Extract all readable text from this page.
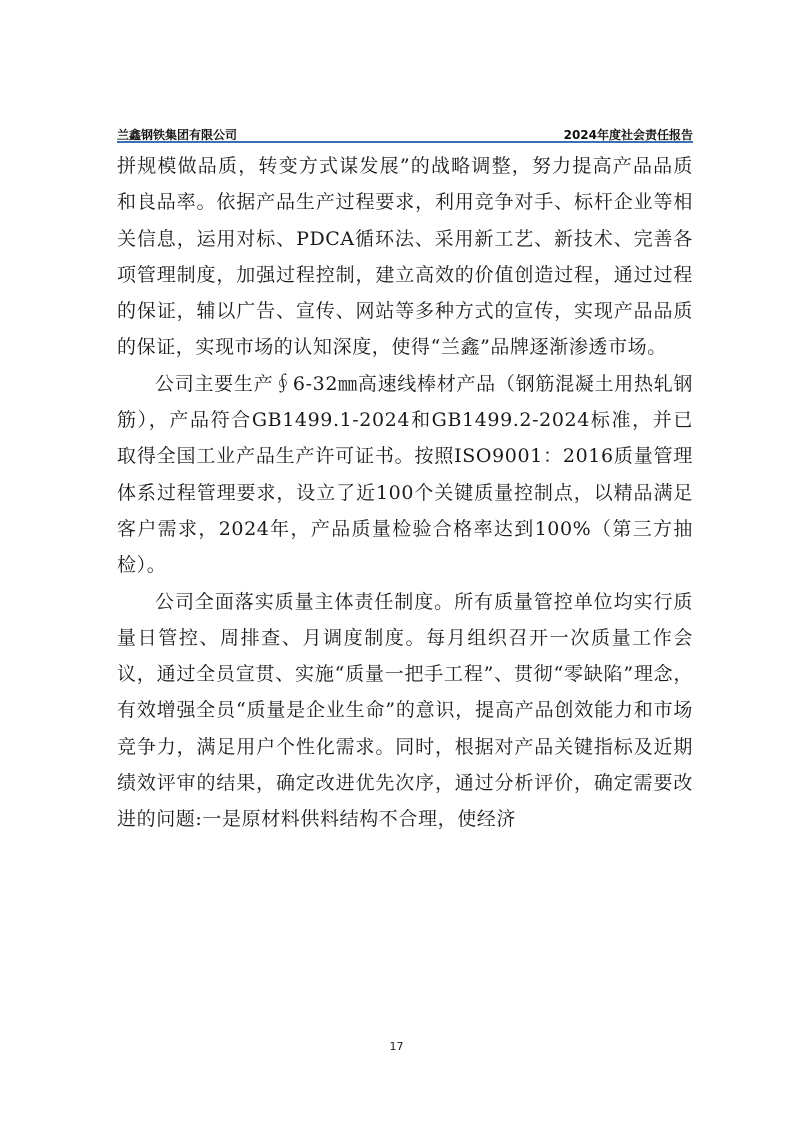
兰鑫钢铁集团有限公司	2024年度社会责任报告

拼规模做品质，转变方式谋发展”的战略调整，努力提高产品品质和良品率。依据产品生产过程要求，利用竞争对手、标杆企业等相关信息，运用对标、PDCA循环法、采用新工艺、新技术、完善各项管理制度，加强过程控制，建立高效的价值创造过程，通过过程的保证，辅以广告、宣传、网站等多种方式的宣传，实现产品品质的保证，实现市场的认知深度，使得“兰鑫”品牌逐渐渗透市场。

公司主要生产∮6-32㎜高速线棒材产品（钢筋混凝土用热轧钢筋），产品符合GB1499.1-2024和GB1499.2-2024标准，并已取得全国工业产品生产许可证书。按照ISO9001：2016质量管理体系过程管理要求，设立了近100个关键质量控制点，以精品满足客户需求，2024年，产品质量检验合格率达到100%（第三方抽检）。

公司全面落实质量主体责任制度。所有质量管控单位均实行质量日管控、周排查、月调度制度。每月组织召开一次质量工作会议，通过全员宣贯、实施“质量一把手工程”、贯彻“零缺陷”理念，有效增强全员“质量是企业生命”的意识，提高产品创效能力和市场竞争力，满足用户个性化需求。同时，根据对产品关键指标及近期绩效评审的结果，确定改进优先次序，通过分析评价，确定需要改进的问题:一是原材料供料结构不合理，使经济

17
